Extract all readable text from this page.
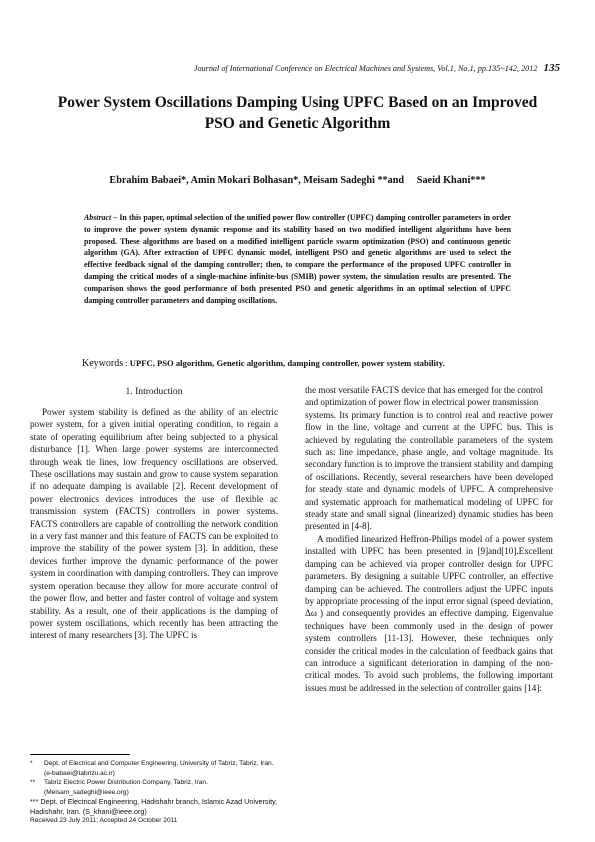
Journal of International Conference on Electrical Machines and Systems, Vol.1, No.1, pp.135~142, 2012 135
Power System Oscillations Damping Using UPFC Based on an Improved
PSO and Genetic Algorithm
Ebrahim Babaei*, Amin Mokari Bolhasan*, Meisam Sadeghi **and     Saeid Khani***
Abstract – In this paper, optimal selection of the unified power flow controller (UPFC) damping controller parameters in order to improve the power system dynamic response and its stability based on two modified intelligent algorithms have been proposed. These algorithms are based on a modified intelligent particle swarm optimization (PSO) and continuous genetic algorithm (GA). After extraction of UPFC dynamic model, intelligent PSO and genetic algorithms are used to select the effective feedback signal of the damping controller; then, to compare the performance of the proposed UPFC controller in damping the critical modes of a single-machine infinite-bus (SMIB) power system, the simulation results are presented. The comparison shows the good performance of both presented PSO and genetic algorithms in an optimal selection of UPFC damping controller parameters and damping oscillations.
Keywords : UPFC, PSO algorithm, Genetic algorithm, damping controller, power system stability.
1. Introduction

Power system stability is defined as the ability of an electric power system, for a given initial operating condition, to regain a state of operating equilibrium after being subjected to a physical disturbance [1]. When large power systems are interconnected through weak tie lines, low frequency oscillations are observed. These oscillations may sustain and grow to cause system separation if no adequate damping is available [2]. Recent development of power electronics devices introduces the use of flexible ac transmission system (FACTS) controllers in power systems. FACTS controllers are capable of controlling the network condition in a very fast manner and this feature of FACTS can be exploited to improve the stability of the power system [3]. In addition, these devices further improve the dynamic performance of the power system in coordination with damping controllers. They can improve system operation because they allow for more accurate control of the power flow, and better and faster control of voltage and system stability. As a result, one of their applications is the damping of power system oscillations, which recently has been attracting the interest of many researchers [3]. The UPFC is

the most versatile FACTS device that has emerged for the control and optimization of power flow in electrical power transmission

systems. Its primary function is to control real and reactive power flow in the line, voltage and current at the UPFC bus. This is achieved by regulating the controllable parameters of the system such as: line impedance, phase angle, and voltage magnitude. Its secondary function is to improve the transient stability and damping of oscillations. Recently, several researchers have been developed for steady state and dynamic models of UPFC. A comprehensive and systematic approach for mathematical modeling of UPFC for steady state and small signal (linearized) dynamic studies has been presented in [4-8].

A modified linearized Heffron-Philips model of a power system installed with UPFC has been presented in [9]and[10].Excellent damping can be achieved via proper controller design for UPFC parameters. By designing a suitable UPFC controller, an effective damping can be achieved. The controllers adjust the UPFC inputs by appropriate processing of the input error signal (speed deviation, Δω ) and consequently provides an effective damping. Eigenvalue techniques have been commonly used in the design of power system controllers [11-13]. However, these techniques only consider the critical modes in the calculation of feedback gains that can introduce a significant deterioration in damping of the non-critical modes. To avoid such problems, the following important issues must be addressed in the selection of controller gains [14]:

*	Dept. of Electrical and Computer Engineering, University of Tabriz, Tabriz, Iran. (e-babaei@tabrizu.ac.ir)
**	Tabriz Electric Power Distribution Company, Tabriz, Iran. (Meisam_sadeghi@ieee.org)
*** Dept. of Electrical Engineering, Hadishahr branch, Islamic Azad University, Hadishahr, Iran. (S_khani@ieee.org)
Received 23 July 2011; Accepted 24 October 2011
